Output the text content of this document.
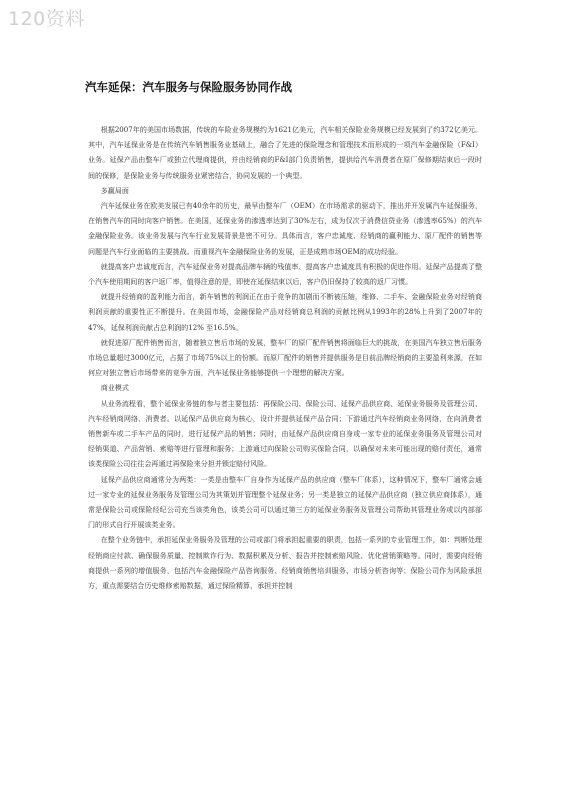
120资料
汽车延保：汽车服务与保险服务协同作战

根据2007年的美国市场数据，传统的车险业务规模约为1621亿美元，汽车相关保险业务规模已经发展到了约372亿美元。其中，汽车延保业务是在传统汽车销售服务业基础上，融合了先进的保险理念和管理技术而形成的一项汽车金融保险（F&I）业务。延保产品由整车厂或独立代理商提供，并由经销商的F&I部门负责销售，提供给汽车消费者在原厂保修期结束后一段时间的保修，是保险业务与传统服务业紧密结合，协同发展的一个典型。

多赢局面

汽车延保业务在欧美发展已有40余年的历史，最早由整车厂（OEM）在市场需求的驱动下，推出并开发属汽车延保服务，在销售汽车的同时向客户销售。在美国，延保业务的渗透率达到了30%左右，成为仅次于消费信贷业务（渗透率65%）的汽车金融保险业务。该业务发展与汽车行业发展背景是密不可分。具体而言，客户忠诚度、经销商的赢利能力、原厂配件的销售等问题是汽车行业面临的主要挑战。而重视汽车金融保险业务的发展，正是成熟市场OEM的成功经验。

就提高客户忠诚度而言，汽车延保业务对提高品牌车辆的残值率、提高客户忠诚度具有积极的促进作用。延保产品提高了整个汽车使用期间的客户返厂率，值得注意的是，即使在延保结束以后，客户仍旧保持了较高的返厂习惯。

就提升经销商的盈利能力而言，新车销售的利润正在由于竞争的加剧而不断被压缩，维修、二手车、金融保险业务对经销商利润贡献的重要性正不断提升。在美国市场，金融保险产品对经销商总利润的贡献比例从1993年的28%上升到了2007年的47%，延保利润贡献占总利润的12% 至16.5%。

就促进原厂配件销售而言，随着独立售后市场的发展，整车厂的原厂配件销售将面临巨大的挑战，在美国汽车独立售后服务市场总量超过3000亿元，占据了市场75%以上的份额。而原厂配件的销售并提供服务是目前品牌经销商的主要盈利来源，在如何应对独立售后市场带来的竞争方面，汽车延保业务能够提供一个理想的解决方案。

商业模式

从业务流程看，整个延保业务链的参与者主要包括：再保险公司、保险公司、延保产品供应商、延保业务服务及管理公司、汽车经销商网络、消费者。以延保产品供应商为核心，设计并提供延保产品合同；下游通过汽车经销商业务网络，在向消费者销售新车或二手车产品的同时，进行延保产品的销售；同时，由延保产品供应商自身或一家专业的延保业务服务及管理公司对经销渠道、产品营销、索赔等进行管理和服务；上游通过向保险公司购买保险合同，以确保对未来可能出现的赔付责任，通常该类保险公司往往会再通过再保险来分担并锁定赔付风险。

延保产品供应商通常分为两类：一类是由整车厂自身作为延保产品的供应商（整车厂体系），这种情况下，整车厂通常会通过一家专业的延保业务服务及管理公司为其策划并管理整个延保业务；另一类是独立的延保产品供应商（独立供应商体系），通常是保险公司或保险经纪公司充当该类角色，该类公司可以通过第三方的延保业务服务及管理公司帮助其管理业务或以内部部门的形式自行开展该类业务。

在整个业务链中，承担延保业务服务及管理的公司或部门将承担起重要的职责，包括一系列的专业管理工作，如：判断处理经销商应付款、确保服务质量、控制欺诈行为、数据积累及分析、报告并控制索赔风险、优化营销策略等。同时，需要向经销商提供一系列的增值服务，包括汽车金融保险产品咨询服务、经销商销售培训服务、市场分析咨询等；保险公司作为风险承担方，重点需要结合历史维修索赔数据，通过保险精算，承担并控制
